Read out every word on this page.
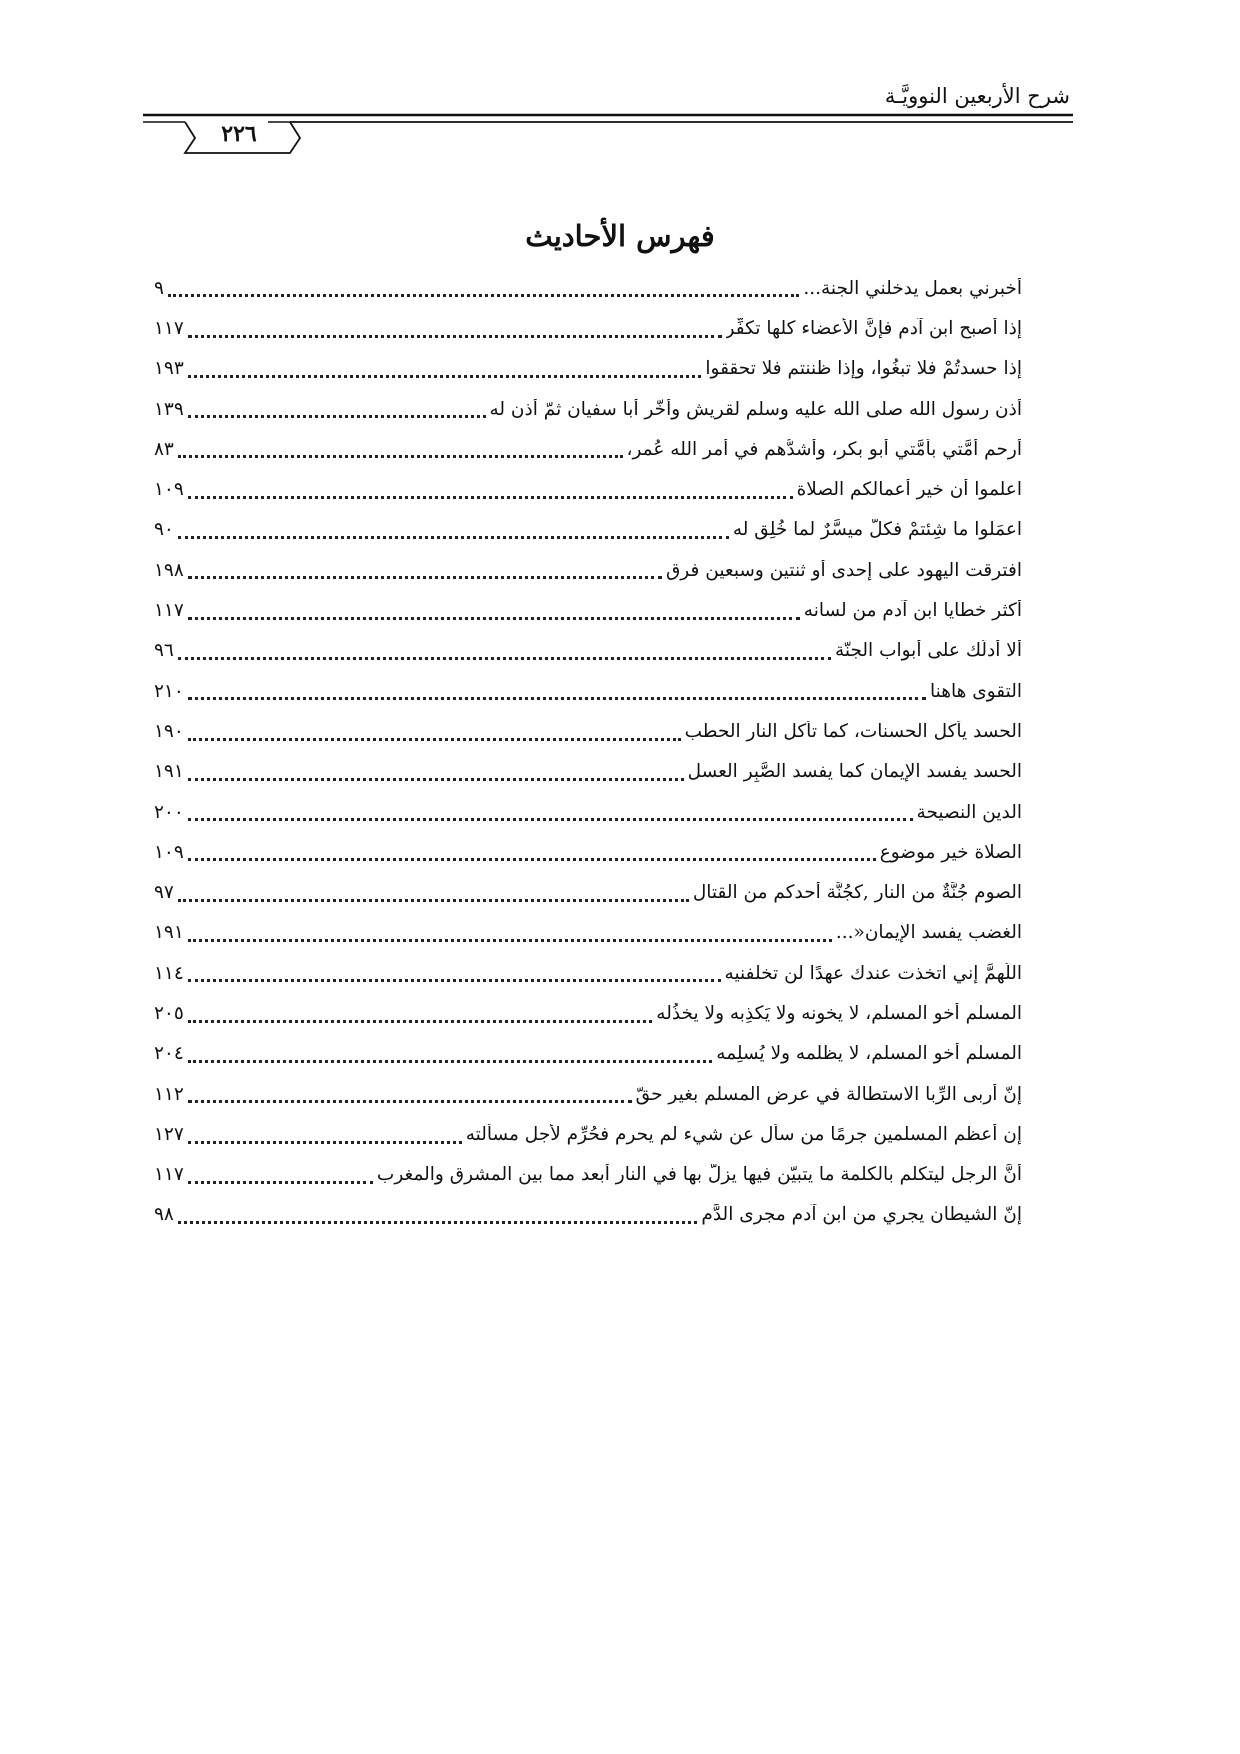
شرح الأربعين النوويَّـة
٢٢٦
فهرس الأحاديث
أخبرني بعمل يدخلني الجنة...
٩
إذا أصبح ابن آدم فإنَّ الأعضاء كلها تكفِّر
١١٧
إذا حسدتُمْ فلا تبغُوا، وإذا ظننتم فلا تحققوا
١٩٣
أذن رسول الله صلى الله عليه وسلم لقريش وأخَّر أبا سفيان ثمّ أذن له
١٣٩
أرحم أُمَّتي بأمَّتي أبو بكرٍ، وأشدُّهم في أمر الله عُمر،
٨٣
اعلموا أن خير أعمالكم الصلاة
١٠٩
اعمَلوا ما شِئتمْ فكلٌّ ميسَّرٌ لما خُلِق له
٩٠
افترقت اليهود على إحدى أو ثنتين وسبعين فرق
١٩٨
أكثر خطايا ابن آدم من لسانه
١١٧
ألا أدلّك على أبواب الجنّة
٩٦
التقوى هاهنا
٢١٠
الحسد يأكل الحسنات، كما تأكل النار الحطب
١٩٠
الحسد يفسد الإيمان كما يفسد الصَّبِر العسل
١٩١
الدين النصيحة
٢٠٠
الصلاة خير موضوع
١٠٩
الصوم جُنَّةٌ من النار ,كجُنَّة أحدكم من القتال
٩٧
الغضب يفسد الإيمان«...
١٩١
اللَّهمَّ إني اتخذت عندك عهدًا لن تخلفنيه
١١٤
المسلم أخو المسلم، لا يخونه ولا يَكذِبه ولا يخذُله
٢٠٥
المسلم أخو المسلم، لا يظلمه ولا يُسلِمه
٢٠٤
إنّ أربى الرِّبا الاستطالة في عرض المسلم بغير حقّ
١١٢
إن أعظم المسلمين جرمًا من سأل عن شيء لم يحرم فحُرِّم لأجل مسألته
١٢٧
أنَّ الرجل ليتكلم بالكلمة ما يتبيّن فيها يزلّ بها في النار أبعد مما بين المشرق والمغرب
١١٧
إنّ الشيطان يجري من ابن آدم مجرى الدَّم
٩٨
